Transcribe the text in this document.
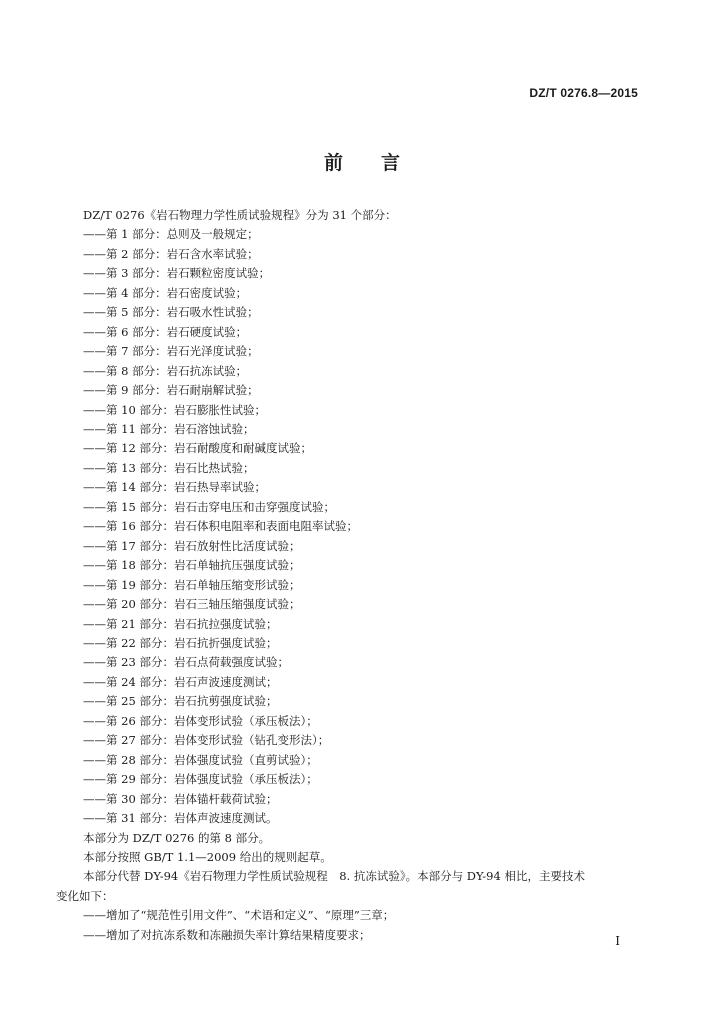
DZ/T 0276.8—2015
前言
DZ/T 0276《岩石物理力学性质试验规程》分为 31 个部分：
——第 1 部分：总则及一般规定；
——第 2 部分：岩石含水率试验；
——第 3 部分：岩石颗粒密度试验；
——第 4 部分：岩石密度试验；
——第 5 部分：岩石吸水性试验；
——第 6 部分：岩石硬度试验；
——第 7 部分：岩石光泽度试验；
——第 8 部分：岩石抗冻试验；
——第 9 部分：岩石耐崩解试验；
——第 10 部分：岩石膨胀性试验；
——第 11 部分：岩石溶蚀试验；
——第 12 部分：岩石耐酸度和耐碱度试验；
——第 13 部分：岩石比热试验；
——第 14 部分：岩石热导率试验；
——第 15 部分：岩石击穿电压和击穿强度试验；
——第 16 部分：岩石体积电阻率和表面电阻率试验；
——第 17 部分：岩石放射性比活度试验；
——第 18 部分：岩石单轴抗压强度试验；
——第 19 部分：岩石单轴压缩变形试验；
——第 20 部分：岩石三轴压缩强度试验；
——第 21 部分：岩石抗拉强度试验；
——第 22 部分：岩石抗折强度试验；
——第 23 部分：岩石点荷载强度试验；
——第 24 部分：岩石声波速度测试；
——第 25 部分：岩石抗剪强度试验；
——第 26 部分：岩体变形试验（承压板法）；
——第 27 部分：岩体变形试验（钻孔变形法）；
——第 28 部分：岩体强度试验（直剪试验）；
——第 29 部分：岩体强度试验（承压板法）；
——第 30 部分：岩体锚杆载荷试验；
——第 31 部分：岩体声波速度测试。
本部分为 DZ/T 0276 的第 8 部分。
本部分按照 GB/T 1.1—2009 给出的规则起草。
本部分代替 DY-94《岩石物理力学性质试验规程　8. 抗冻试验》。本部分与 DY-94 相比，主要技术
变化如下：
——增加了“规范性引用文件”、“术语和定义”、“原理”三章；
——增加了对抗冻系数和冻融损失率计算结果精度要求；	I
